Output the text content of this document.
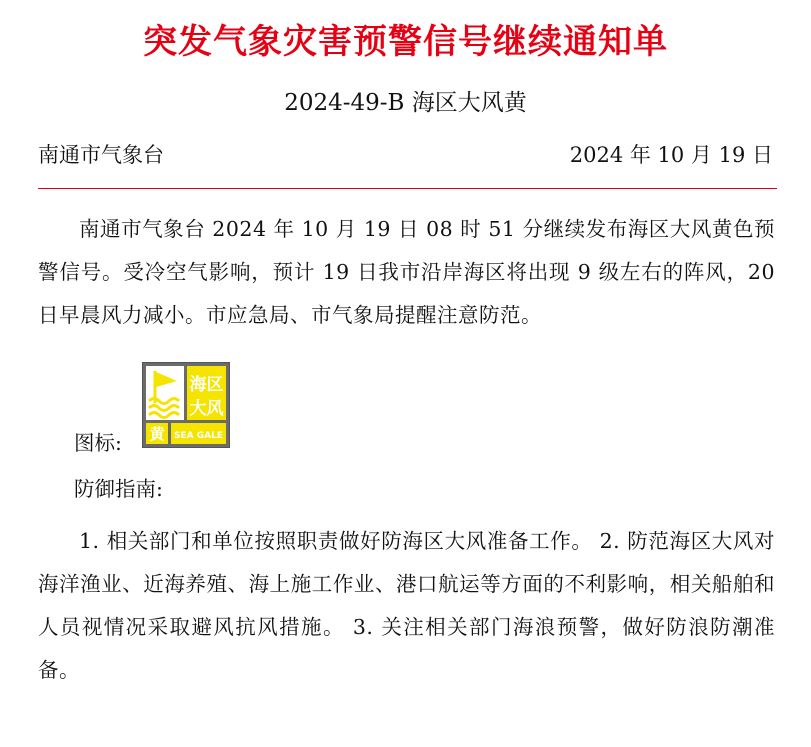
突发气象灾害预警信号继续通知单
2024-49-B 海区大风黄
南通市气象台	2024 年 10 月 19 日
南通市气象台 2024 年 10 月 19 日 08 时 51 分继续发布海区大风黄色预警信号。受冷空气影响，预计 19 日我市沿岸海区将出现 9 级左右的阵风，20 日早晨风力减小。市应急局、市气象局提醒注意防范。
图标:
海区
大风
黄 SEA GALE
防御指南:
1. 相关部门和单位按照职责做好防海区大风准备工作。 2. 防范海区大风对海洋渔业、近海养殖、海上施工作业、港口航运等方面的不利影响，相关船舶和人员视情况采取避风抗风措施。 3. 关注相关部门海浪预警，做好防浪防潮准备。
